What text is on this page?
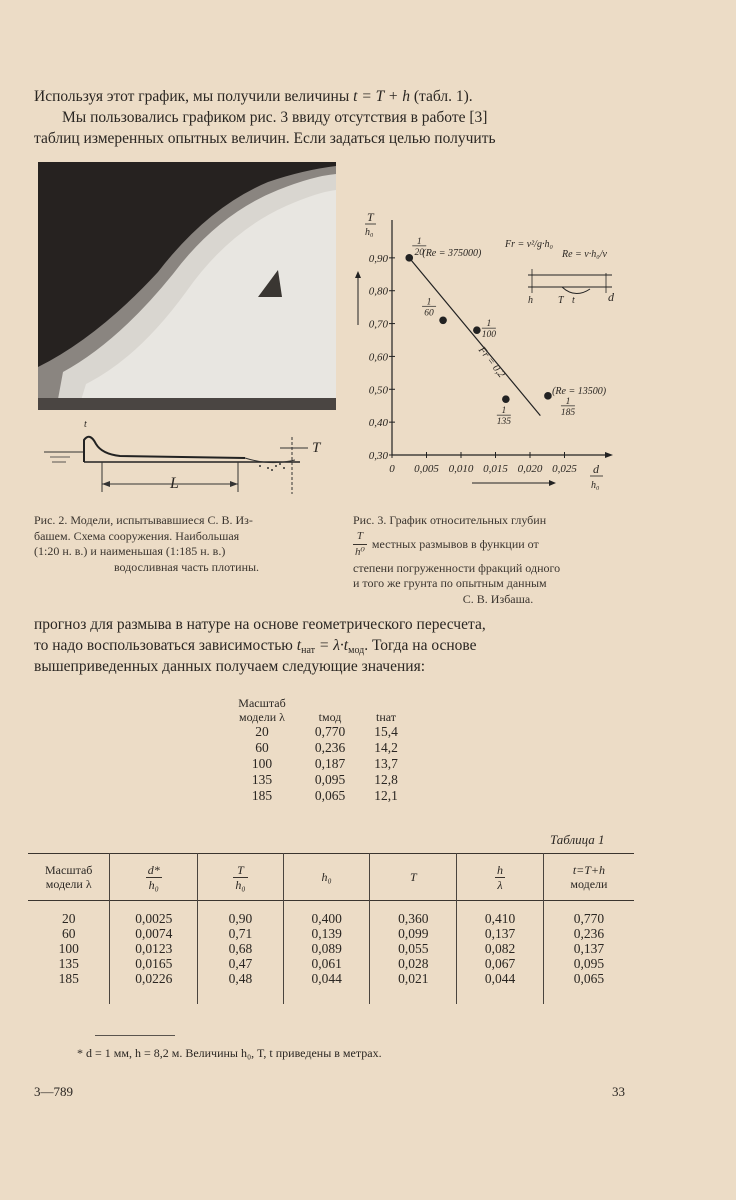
Используя этот график, мы получили величины t = T + h (табл. 1).
Мы пользовались графиком рис. 3 ввиду отсутствия в работе [3]
таблиц измеренных опытных величин. Если задаться целью получить
L
T
t
Рис. 2. Модели, испытывавшиеся С. В. Из-
башем. Схема сооружения. Наибольшая
(1:20 н. в.) и наименьшая (1:185 н. в.)
водосливная часть плотины.
0,30
0,40
0,50
0,60
0,70
0,80
0,90
0 0,005 0,010 0,015 0,020 0,025
T
h₀
d
h₀
Fr = 0,2
1
20
1
60
1
100
1
135
1
185
(Re = 375000)
(Re = 13500)
Fr = v²/g·h₀
Re = v·h₀/ν
h	T t	d
Рис. 3. График относительных глубин
$\frac{T}{\text{h⁰}}$ местных размывов в функции от
степени погруженности фракций одного
и того же грунта по опытным данным
С. В. Избаша.
прогноз для размыва в натуре на основе геометрического пересчета,
то надо воспользоваться зависимостью $t_{нат} = \lambda\cdot t_{мод}$. Тогда на основе
вышеприведенных данных получаем следующие значения:
Масштаб модели λ	tмод	tнат
20	0,770	15,4
60	0,236	14,2
100	0,187	13,7
135	0,095	12,8
185	0,065	12,1
Таблица 1
Масштаб модели λ	$\frac{d*}{\text{h₀}}$	$\frac{T}{\text{h₀}}$	h₀	T	$\frac{h}{\lambda}$	t=T+h
модели

20	0,0025	0,90	0,400	0,360	0,410	0,770
60	0,0074	0,71	0,139	0,099	0,137	0,236
100	0,0123	0,68	0,089	0,055	0,082	0,137
135	0,0165	0,47	0,061	0,028	0,067	0,095
185	0,0226	0,48	0,044	0,021	0,044	0,065

* d = 1 мм, h = 8,2 м. Величины h₀, T, t приведены в метрах.
3—789	33
